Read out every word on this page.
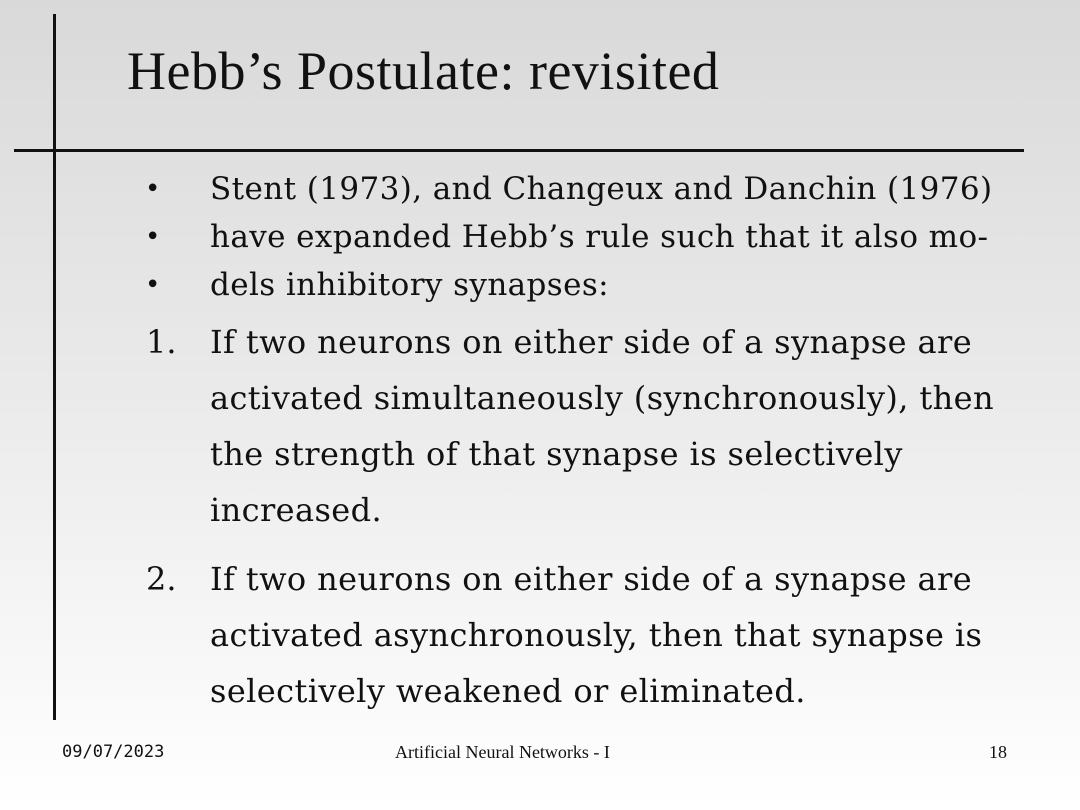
Hebb’s Postulate: revisited
• Stent (1973), and Changeux and Danchin (1976)
• have expanded Hebb’s rule such that it also mo-
• dels inhibitory synapses:
1. If two neurons on either side of a synapse are
activated simultaneously (synchronously), then
the strength of that synapse is selectively
increased.
2. If two neurons on either side of a synapse are
activated asynchronously, then that synapse is
selectively weakened or eliminated.
09/07/2023	Artificial Neural Networks - I	18
